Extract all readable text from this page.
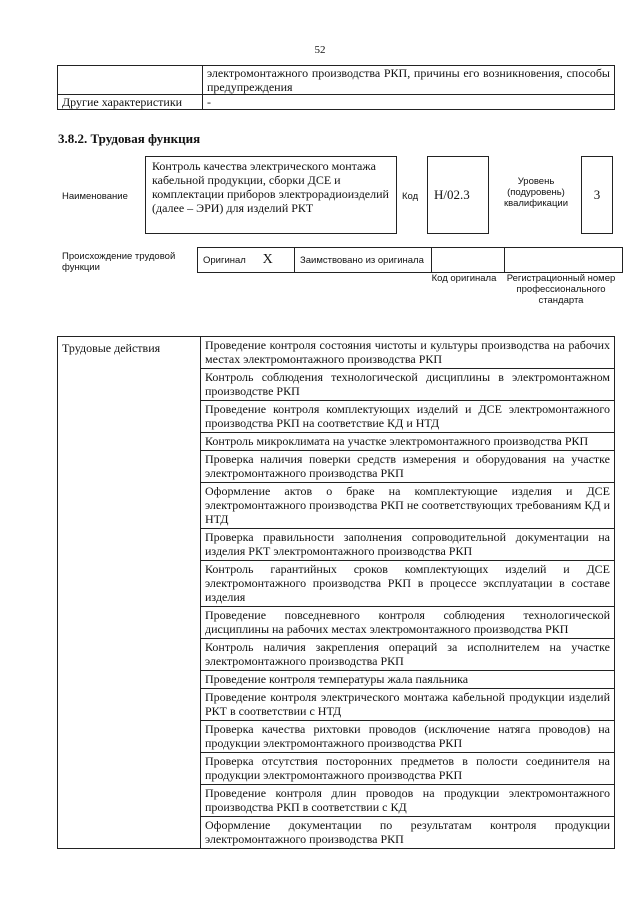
52
	электромонтажного производства РКП, причины его возникновения, способы предупреждения
Другие характеристики	-
3.8.2. Трудовая функция
Наименование
Контроль качества электрического монтажа кабельной продукции, сборки ДСЕ и комплектации приборов электрорадиоизделий (далее – ЭРИ) для изделий РКТ
Код	Н/02.3
Уровень (подуровень) квалификации
3
Происхождение трудовой функции
Оригинал X	Заимствовано из оригинала		
Код оригинала Регистрационный номер профессионального стандарта
Трудовые действия	Проведение контроля состояния чистоты и культуры производства на рабочих местах электромонтажного производства РКП
Контроль соблюдения технологической дисциплины в электромонтажном производстве РКП
Проведение контроля комплектующих изделий и ДСЕ электромонтажного производства РКП на соответствие КД и НТД
Контроль микроклимата на участке электромонтажного производства РКП
Проверка наличия поверки средств измерения и оборудования на участке электромонтажного производства РКП
Оформление актов о браке на комплектующие изделия и ДСЕ электромонтажного производства РКП не соответствующих требованиям КД и НТД
Проверка правильности заполнения сопроводительной документации на изделия РКТ электромонтажного производства РКП
Контроль гарантийных сроков комплектующих изделий и ДСЕ электромонтажного производства РКП в процессе эксплуатации в составе изделия
Проведение повседневного контроля соблюдения технологической дисциплины на рабочих местах электромонтажного производства РКП
Контроль наличия закрепления операций за исполнителем на участке электромонтажного производства РКП
Проведение контроля температуры жала паяльника
Проведение контроля электрического монтажа кабельной продукции изделий РКТ в соответствии с НТД
Проверка качества рихтовки проводов (исключение натяга проводов) на продукции электромонтажного производства РКП
Проверка отсутствия посторонних предметов в полости соединителя на продукции электромонтажного производства РКП
Проведение контроля длин проводов на продукции электромонтажного производства РКП в соответствии с КД
Оформление документации по результатам контроля продукции электромонтажного производства РКП
